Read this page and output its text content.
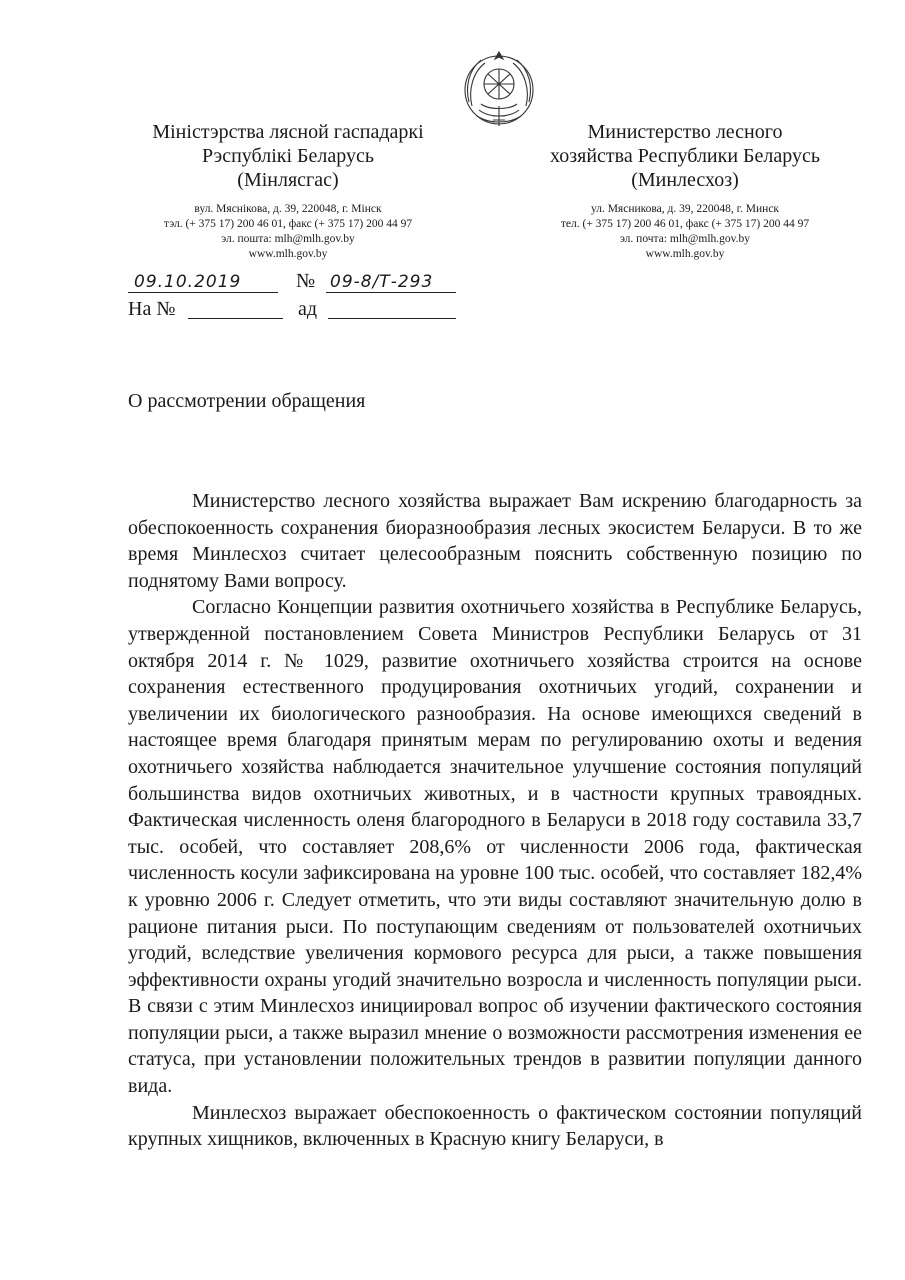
Міністэрства лясной гаспадаркі
Рэспублікі Беларусь
(Мінлясгас)
вул. Мяснікова, д. 39, 220048, г. Мінск
тэл. (+ 375 17) 200 46 01, факс (+ 375 17) 200 44 97
эл. пошта: mlh@mlh.gov.by
www.mlh.gov.by
Министерство лесного
хозяйства Республики Беларусь
(Минлесхоз)
ул. Мясникова, д. 39, 220048, г. Минск
тел. (+ 375 17) 200 46 01, факс (+ 375 17) 200 44 97
эл. почта: mlh@mlh.gov.by
www.mlh.gov.by
09.10.2019	№ 09-8/Т-293
На №	ад
О рассмотрении обращения

Министерство лесного хозяйства выражает Вам искрению благодарность за обеспокоенность сохранения биоразнообразия лесных экосистем Беларуси. В то же время Минлесхоз считает целесообразным пояснить собственную позицию по поднятому Вами вопросу.

Согласно Концепции развития охотничьего хозяйства в Республике Беларусь, утвержденной постановлением Совета Министров Республики Беларусь от 31 октября 2014 г. № 1029, развитие охотничьего хозяйства строится на основе сохранения естественного продуцирования охотничьих угодий, сохранении и увеличении их биологического разнообразия. На основе имеющихся сведений в настоящее время благодаря принятым мерам по регулированию охоты и ведения охотничьего хозяйства наблюдается значительное улучшение состояния популяций большинства видов охотничьих животных, и в частности крупных травоядных. Фактическая численность оленя благородного в Беларуси в 2018 году составила 33,7 тыс. особей, что составляет 208,6% от численности 2006 года, фактическая численность косули зафиксирована на уровне 100 тыс. особей, что составляет 182,4% к уровню 2006 г. Следует отметить, что эти виды составляют значительную долю в рационе питания рыси. По поступающим сведениям от пользователей охотничьих угодий, вследствие увеличения кормового ресурса для рыси, а также повышения эффективности охраны угодий значительно возросла и численность популяции рыси. В связи с этим Минлесхоз инициировал вопрос об изучении фактического состояния популяции рыси, а также выразил мнение о возможности рассмотрения изменения ее статуса, при установлении положительных трендов в развитии популяции данного вида.

Минлесхоз выражает обеспокоенность о фактическом состоянии популяций крупных хищников, включенных в Красную книгу Беларуси, в
